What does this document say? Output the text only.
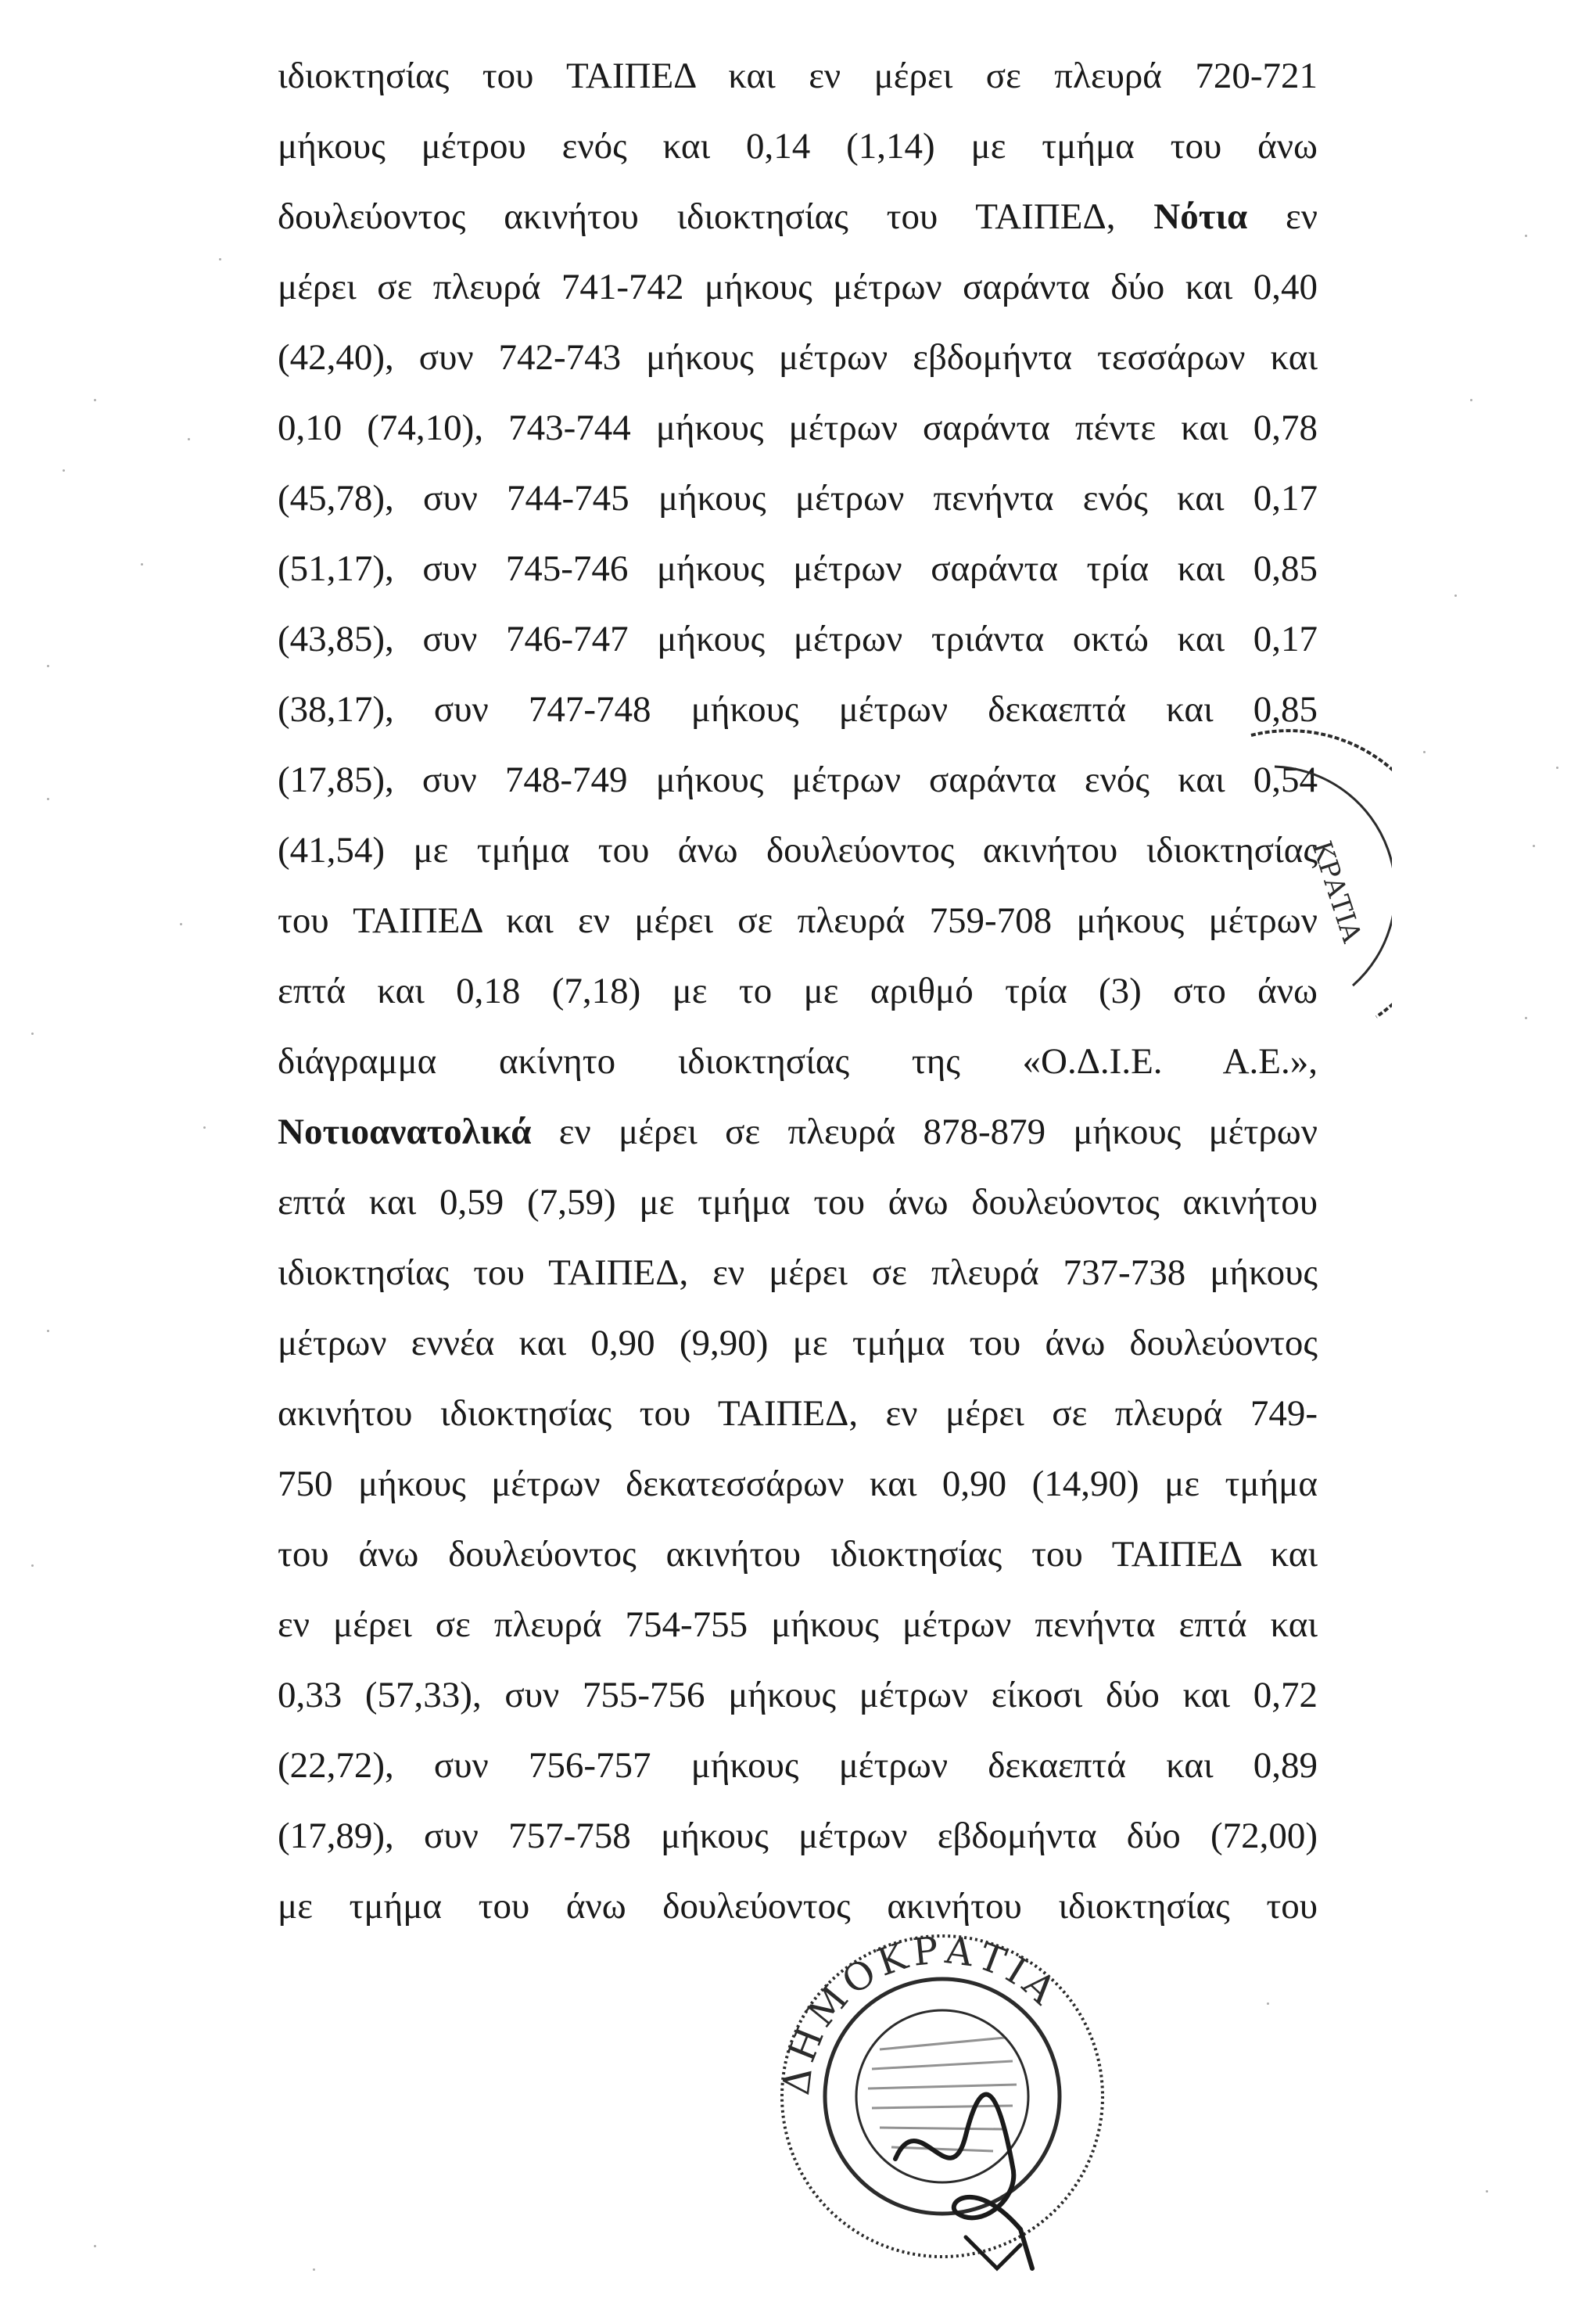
ιδιοκτησίας του ΤΑΙΠΕΔ και εν μέρει σε πλευρά 720-721
μήκους μέτρου ενός και 0,14 (1,14) με τμήμα του άνω
δουλεύοντος ακινήτου ιδιοκτησίας του ΤΑΙΠΕΔ, Νότια εν
μέρει σε πλευρά 741-742 μήκους μέτρων σαράντα δύο και 0,40
(42,40), συν 742-743 μήκους μέτρων εβδομήντα τεσσάρων και
0,10 (74,10), 743-744 μήκους μέτρων σαράντα πέντε και 0,78
(45,78), συν 744-745 μήκους μέτρων πενήντα ενός και 0,17
(51,17), συν 745-746 μήκους μέτρων σαράντα τρία και 0,85
(43,85), συν 746-747 μήκους μέτρων τριάντα οκτώ και 0,17
(38,17), συν 747-748 μήκους μέτρων δεκαεπτά και 0,85
(17,85), συν 748-749 μήκους μέτρων σαράντα ενός και 0,54
(41,54) με τμήμα του άνω δουλεύοντος ακινήτου ιδιοκτησίας
του ΤΑΙΠΕΔ και εν μέρει σε πλευρά 759-708 μήκους μέτρων
επτά και 0,18 (7,18) με το με αριθμό τρία (3) στο άνω
διάγραμμα ακίνητο ιδιοκτησίας της «Ο.Δ.Ι.Ε. Α.Ε.»,
Νοτιοανατολικά εν μέρει σε πλευρά 878-879 μήκους μέτρων
επτά και 0,59 (7,59) με τμήμα του άνω δουλεύοντος ακινήτου
ιδιοκτησίας του ΤΑΙΠΕΔ, εν μέρει σε πλευρά 737-738 μήκους
μέτρων εννέα και 0,90 (9,90) με τμήμα του άνω δουλεύοντος
ακινήτου ιδιοκτησίας του ΤΑΙΠΕΔ, εν μέρει σε πλευρά 749-
750 μήκους μέτρων δεκατεσσάρων και 0,90 (14,90) με τμήμα
του άνω δουλεύοντος ακινήτου ιδιοκτησίας του ΤΑΙΠΕΔ και
εν μέρει σε πλευρά 754-755 μήκους μέτρων πενήντα επτά και
0,33 (57,33), συν 755-756 μήκους μέτρων είκοσι δύο και 0,72
(22,72), συν 756-757 μήκους μέτρων δεκαεπτά και 0,89
(17,89), συν 757-758 μήκους μέτρων εβδομήντα δύο (72,00)
με τμήμα του άνω δουλεύοντος ακινήτου ιδιοκτησίας του
ΚΡΑΤΙΑ
ΔΗΜΟΚΡΑΤΙΑ
